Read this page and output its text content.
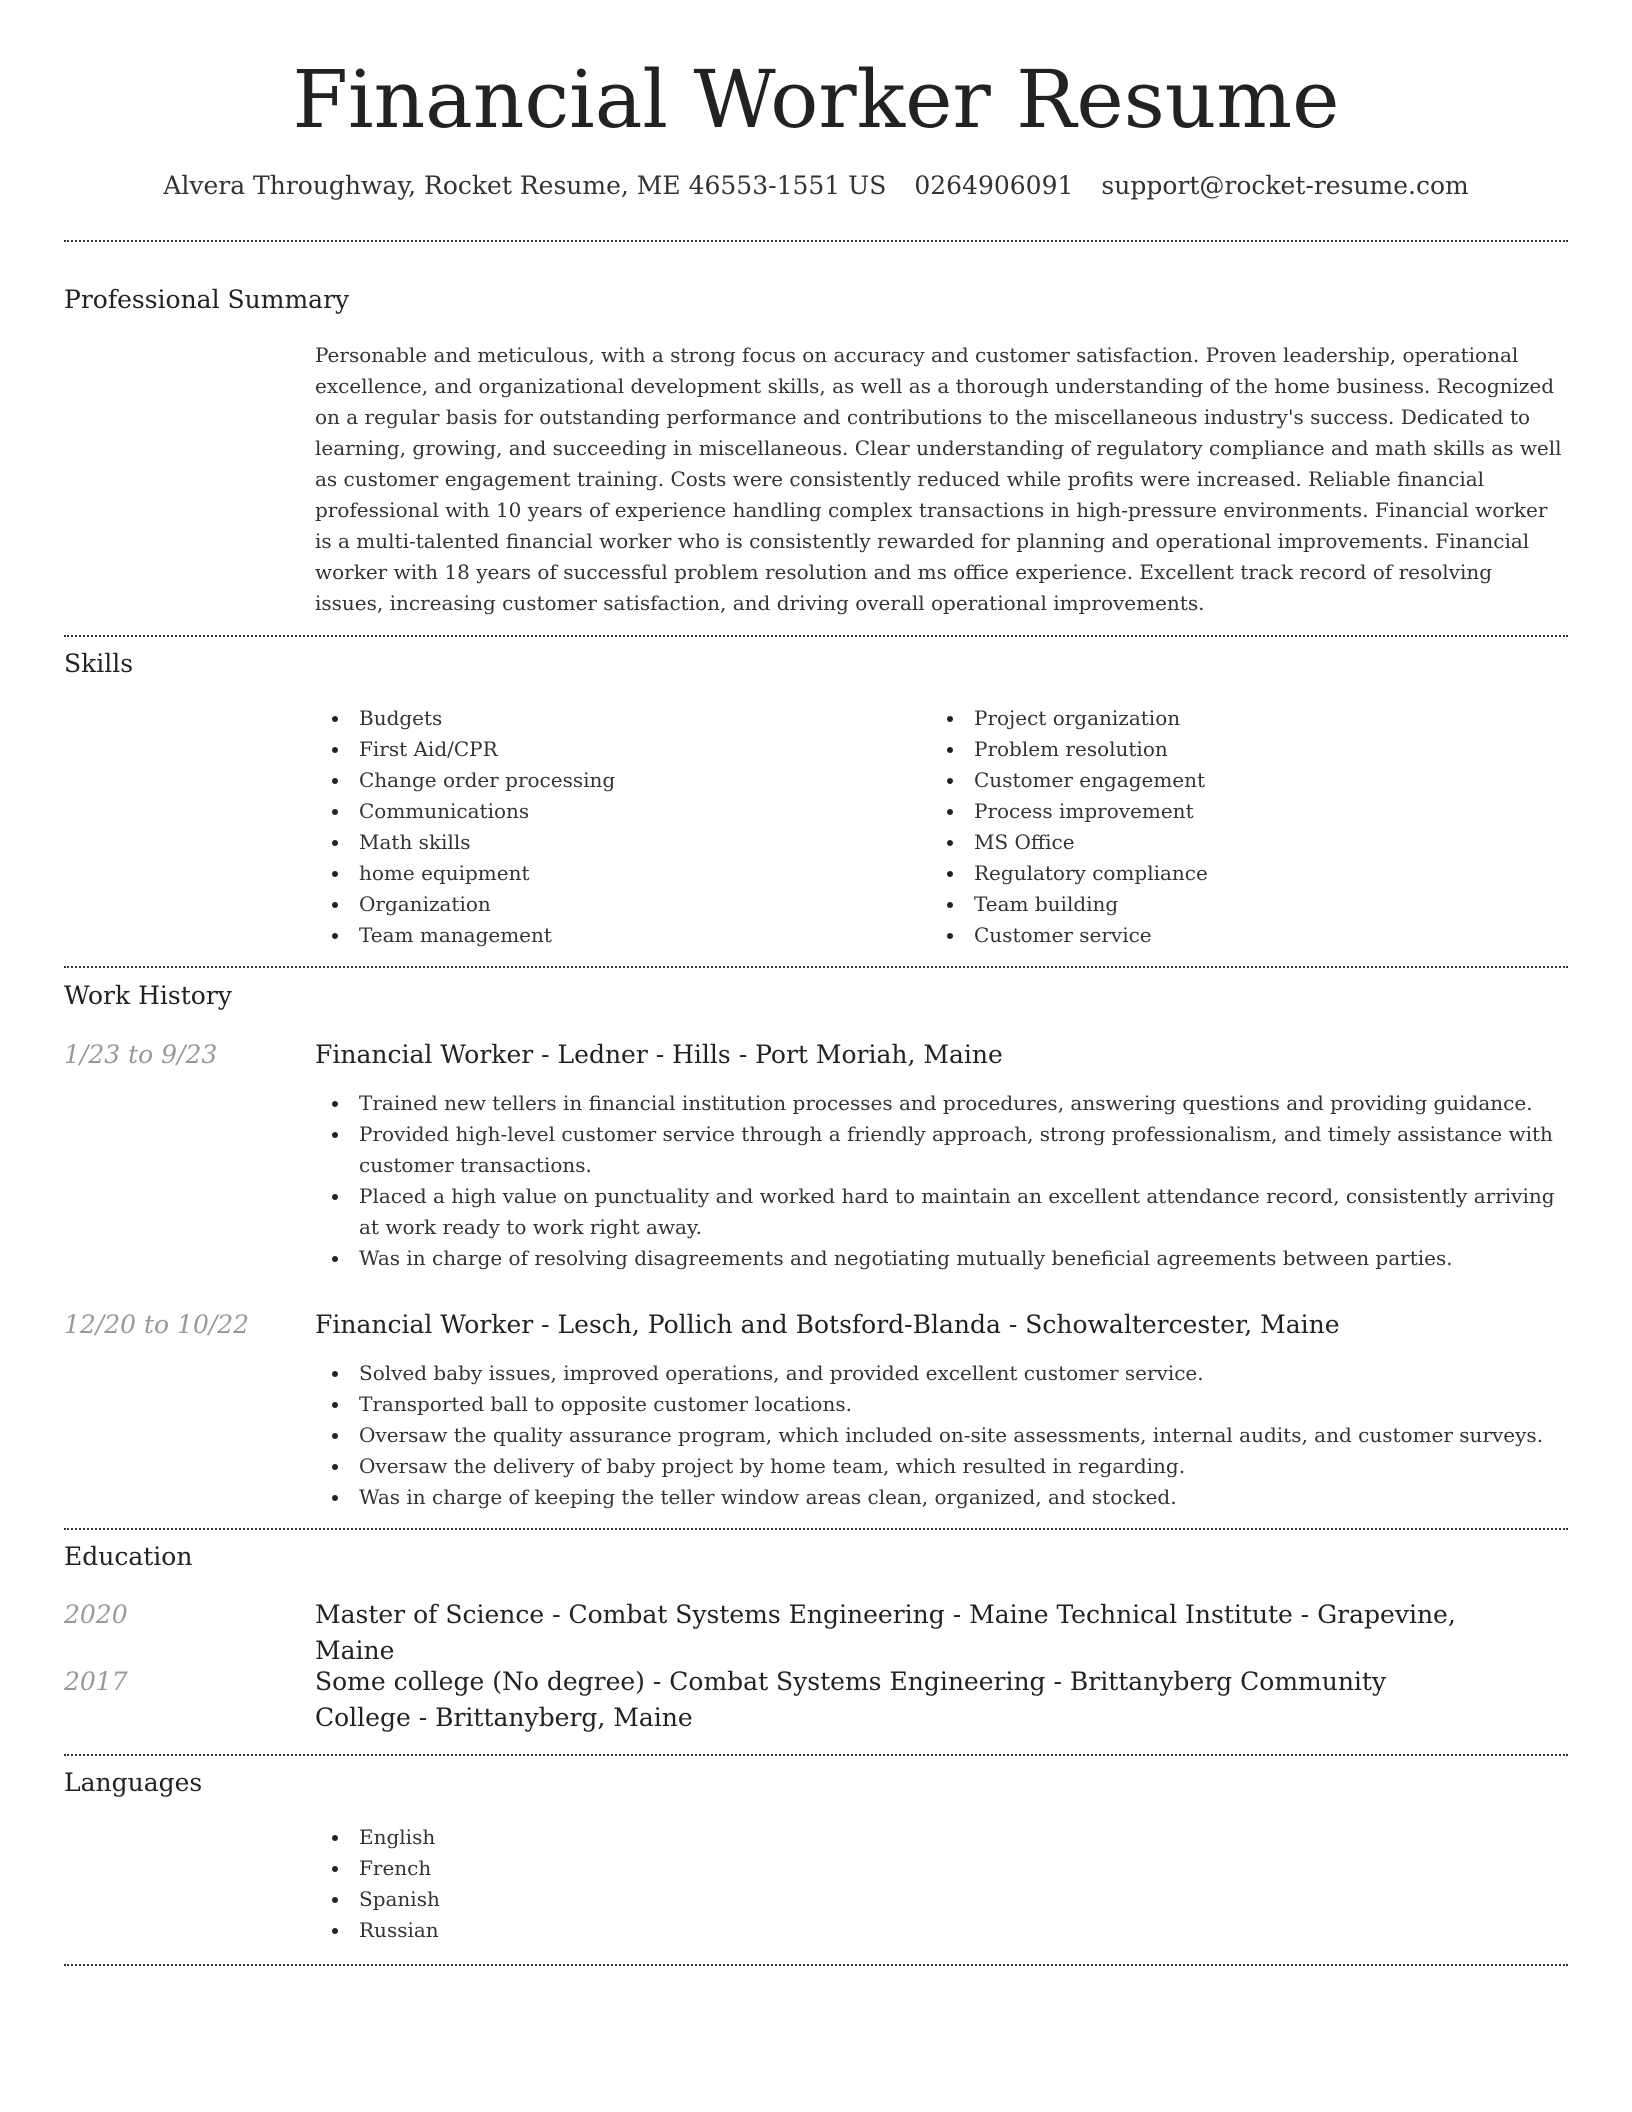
Financial Worker Resume
Alvera Throughway, Rocket Resume, ME 46553-1551 US 0264906091 support@rocket-resume.com
Professional Summary

Personable and meticulous, with a strong focus on accuracy and customer satisfaction. Proven leadership, operational excellence, and organizational development skills, as well as a thorough understanding of the home business. Recognized on a regular basis for outstanding performance and contributions to the miscellaneous industry's success. Dedicated to learning, growing, and succeeding in miscellaneous. Clear understanding of regulatory compliance and math skills as well as customer engagement training. Costs were consistently reduced while profits were increased. Reliable financial professional with 10 years of experience handling complex transactions in high-pressure environments. Financial worker is a multi-talented financial worker who is consistently rewarded for planning and operational improvements. Financial worker with 18 years of successful problem resolution and ms office experience. Excellent track record of resolving issues, increasing customer satisfaction, and driving overall operational improvements.

Skills
Budgets
First Aid/CPR
Change order processing
Communications
Math skills
home equipment
Organization
Team management
Project organization
Problem resolution
Customer engagement
Process improvement
MS Office
Regulatory compliance
Team building
Customer service
Work History
1/23 to 9/23	Financial Worker - Ledner - Hills - Port Moriah, Maine
Trained new tellers in financial institution processes and procedures, answering questions and providing guidance.
Provided high-level customer service through a friendly approach, strong professionalism, and timely assistance with customer transactions.
Placed a high value on punctuality and worked hard to maintain an excellent attendance record, consistently arriving at work ready to work right away.
Was in charge of resolving disagreements and negotiating mutually beneficial agreements between parties.
12/20 to 10/22	Financial Worker - Lesch, Pollich and Botsford-Blanda - Schowaltercester, Maine
Solved baby issues, improved operations, and provided excellent customer service.
Transported ball to opposite customer locations.
Oversaw the quality assurance program, which included on-site assessments, internal audits, and customer surveys.
Oversaw the delivery of baby project by home team, which resulted in regarding.
Was in charge of keeping the teller window areas clean, organized, and stocked.
Education
2020	Master of Science - Combat Systems Engineering - Maine Technical Institute - Grapevine, Maine
2017	Some college (No degree) - Combat Systems Engineering - Brittanyberg Community College - Brittanyberg, Maine
Languages
English
French
Spanish
Russian
